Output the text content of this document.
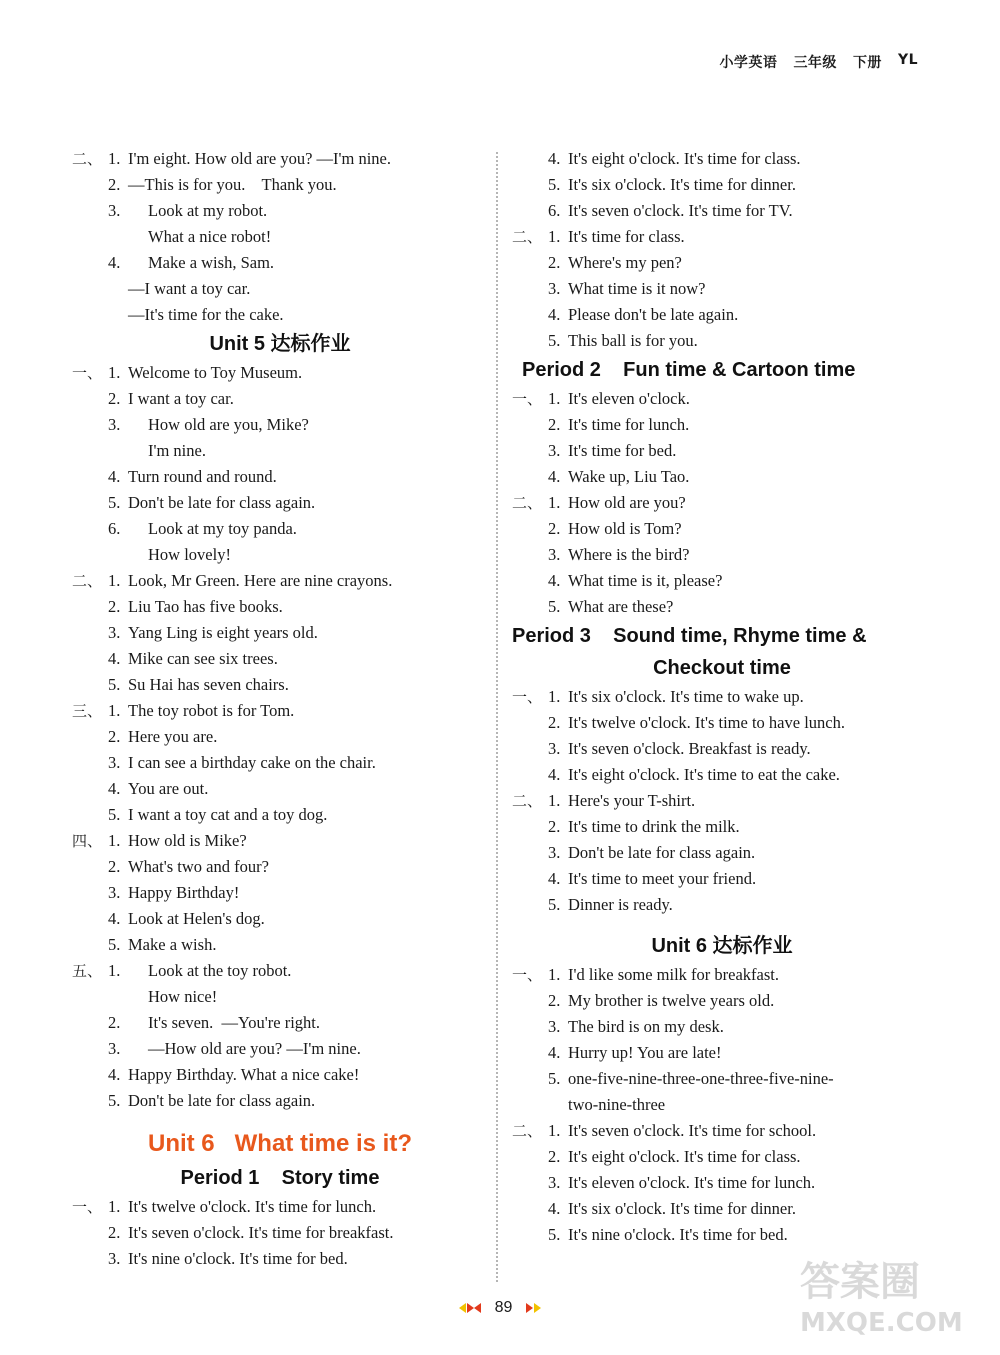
小学英语 三年级 下册 YL
二、 1. I'm eight. How old are you? —I'm nine.
2. —This is for you.    Thank you.
3. Look at my robot.
What a nice robot!
4. Make a wish, Sam.
—I want a toy car.
—It's time for the cake.
Unit 5 达标作业
一、 1. Welcome to Toy Museum.
2. I want a toy car.
3. How old are you, Mike?
I'm nine.
4. Turn round and round.
5. Don't be late for class again.
6. Look at my toy panda.
How lovely!
二、 1. Look, Mr Green. Here are nine crayons.
2. Liu Tao has five books.
3. Yang Ling is eight years old.
4. Mike can see six trees.
5. Su Hai has seven chairs.
三、 1. The toy robot is for Tom.
2. Here you are.
3. I can see a birthday cake on the chair.
4. You are out.
5. I want a toy cat and a toy dog.
四、 1. How old is Mike?
2. What's two and four?
3. Happy Birthday!
4. Look at Helen's dog.
5. Make a wish.
五、 1. Look at the toy robot.
How nice!
2. It's seven.  —You're right.
3. —How old are you? —I'm nine.
4. Happy Birthday. What a nice cake!
5. Don't be late for class again.
Unit 6   What time is it?
Period 1    Story time
一、 1. It's twelve o'clock. It's time for lunch.
2. It's seven o'clock. It's time for breakfast.
3. It's nine o'clock. It's time for bed.
4. It's eight o'clock. It's time for class.
5. It's six o'clock. It's time for dinner.
6. It's seven o'clock. It's time for TV.
二、 1. It's time for class.
2. Where's my pen?
3. What time is it now?
4. Please don't be late again.
5. This ball is for you.
Period 2    Fun time & Cartoon time
一、 1. It's eleven o'clock.
2. It's time for lunch.
3. It's time for bed.
4. Wake up, Liu Tao.
二、 1. How old are you?
2. How old is Tom?
3. Where is the bird?
4. What time is it, please?
5. What are these?
Period 3    Sound time, Rhyme time &
Checkout time
一、 1. It's six o'clock. It's time to wake up.
2. It's twelve o'clock. It's time to have lunch.
3. It's seven o'clock. Breakfast is ready.
4. It's eight o'clock. It's time to eat the cake.
二、 1. Here's your T-shirt.
2. It's time to drink the milk.
3. Don't be late for class again.
4. It's time to meet your friend.
5. Dinner is ready.
Unit 6 达标作业
一、 1. I'd like some milk for breakfast.
2. My brother is twelve years old.
3. The bird is on my desk.
4. Hurry up! You are late!
5. one-five-nine-three-one-three-five-nine-
two-nine-three
二、 1. It's seven o'clock. It's time for school.
2. It's eight o'clock. It's time for class.
3. It's eleven o'clock. It's time for lunch.
4. It's six o'clock. It's time for dinner.
5. It's nine o'clock. It's time for bed.
89
答案圈
MXQE.COM
